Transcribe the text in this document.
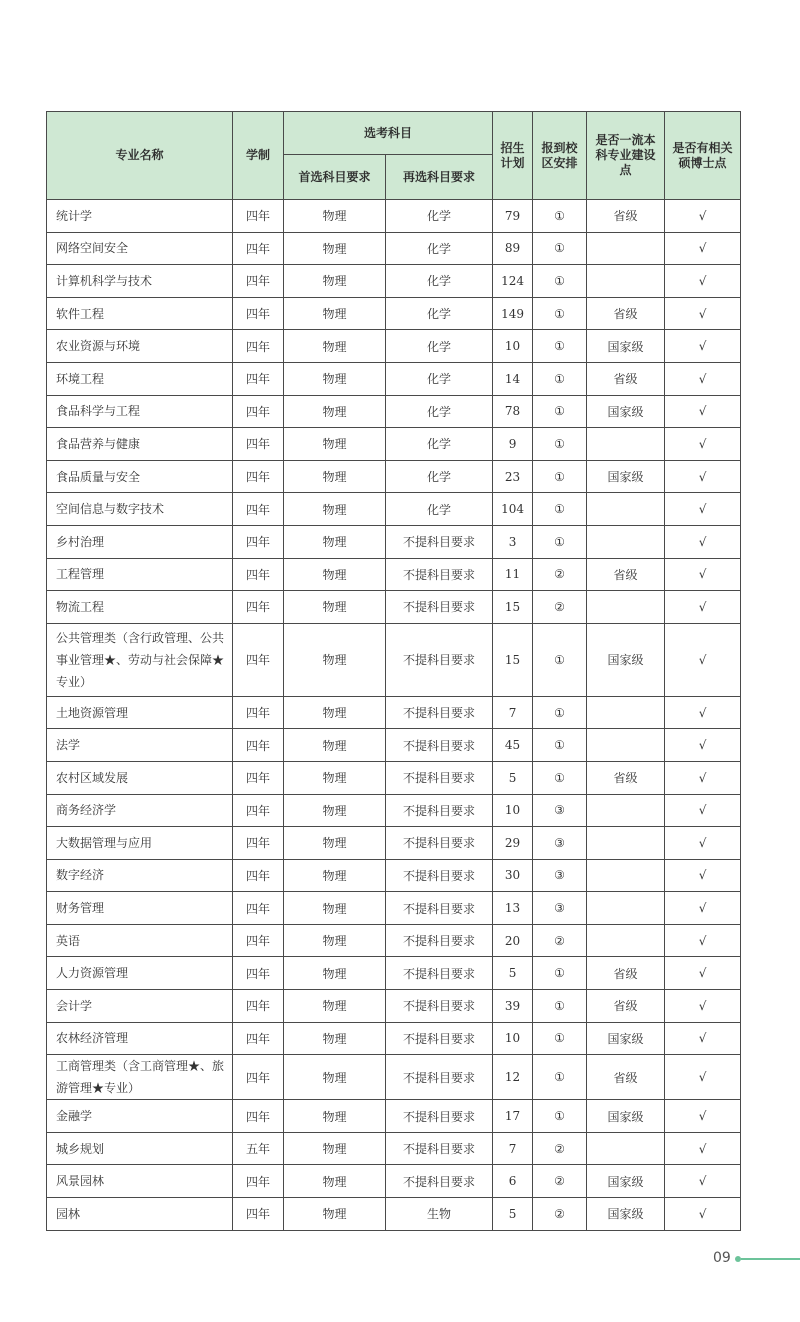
专业名称	学制	选考科目		招生计划	报到校区安排	是否一流本科专业建设点	是否有相关硕博士点
		首选科目要求	再选科目要求				
统计学	四年	物理	化学	79	①	省级	√
网络空间安全	四年	物理	化学	89	①		√
计算机科学与技术	四年	物理	化学	124	①		√
软件工程	四年	物理	化学	149	①	省级	√
农业资源与环境	四年	物理	化学	10	①	国家级	√
环境工程	四年	物理	化学	14	①	省级	√
食品科学与工程	四年	物理	化学	78	①	国家级	√
食品营养与健康	四年	物理	化学	9	①		√
食品质量与安全	四年	物理	化学	23	①	国家级	√
空间信息与数字技术	四年	物理	化学	104	①		√
乡村治理	四年	物理	不提科目要求	3	①		√
工程管理	四年	物理	不提科目要求	11	②	省级	√
物流工程	四年	物理	不提科目要求	15	②		√
公共管理类（含行政管理、公共事业管理★、劳动与社会保障★专业）	四年	物理	不提科目要求	15	①	国家级	√
土地资源管理	四年	物理	不提科目要求	7	①		√
法学	四年	物理	不提科目要求	45	①		√
农村区域发展	四年	物理	不提科目要求	5	①	省级	√
商务经济学	四年	物理	不提科目要求	10	③		√
大数据管理与应用	四年	物理	不提科目要求	29	③		√
数字经济	四年	物理	不提科目要求	30	③		√
财务管理	四年	物理	不提科目要求	13	③		√
英语	四年	物理	不提科目要求	20	②		√
人力资源管理	四年	物理	不提科目要求	5	①	省级	√
会计学	四年	物理	不提科目要求	39	①	省级	√
农林经济管理	四年	物理	不提科目要求	10	①	国家级	√
工商管理类（含工商管理★、旅游管理★专业）	四年	物理	不提科目要求	12	①	省级	√
金融学	四年	物理	不提科目要求	17	①	国家级	√
城乡规划	五年	物理	不提科目要求	7	②		√
风景园林	四年	物理	不提科目要求	6	②	国家级	√
园林	四年	物理	生物	5	②	国家级	√
09
